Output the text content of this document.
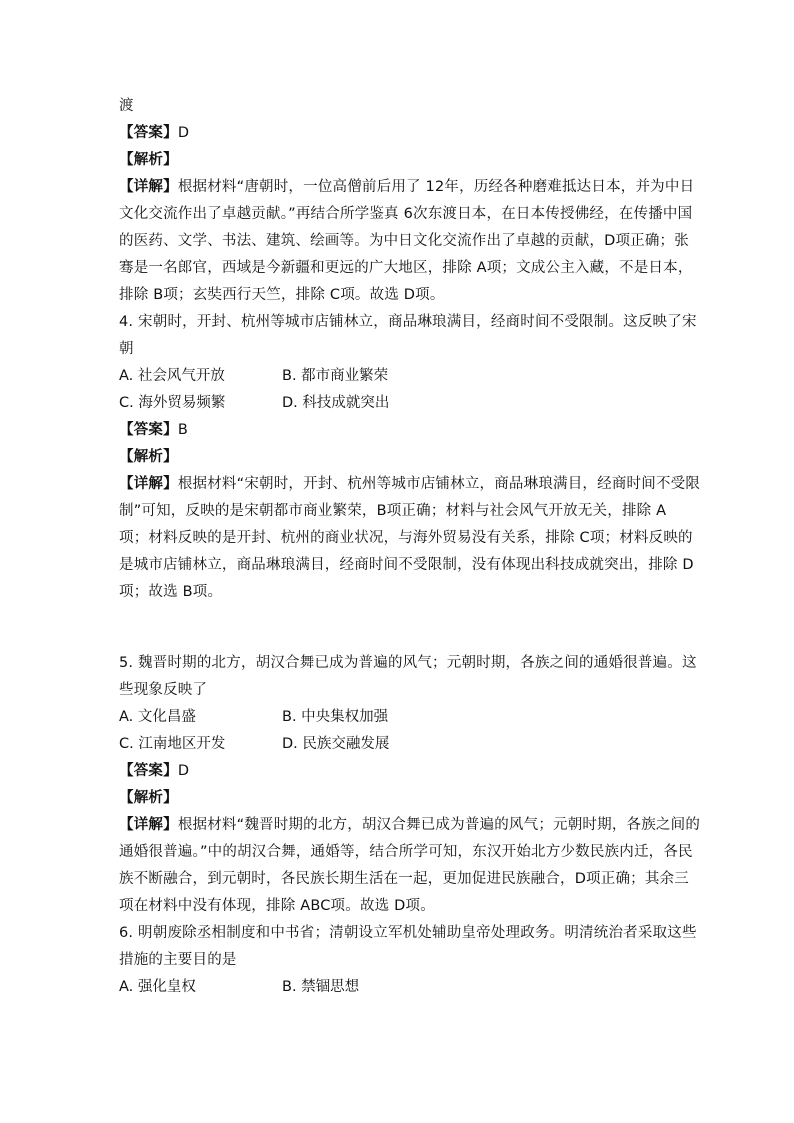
渡
【答案】D
【解析】
【详解】根据材料“唐朝时，一位高僧前后用了 12年，历经各种磨难抵达日本，并为中日
文化交流作出了卓越贡献。”再结合所学鉴真 6次东渡日本，在日本传授佛经，在传播中国
的医药、文学、书法、建筑、绘画等。为中日文化交流作出了卓越的贡献，D项正确；张
骞是一名郎官，西域是今新疆和更远的广大地区，排除 A项；文成公主入藏，不是日本，
排除 B项；玄奘西行天竺，排除 C项。故选 D项。
4. 宋朝时，开封、杭州等城市店铺林立，商品琳琅满目，经商时间不受限制。这反映了宋
朝
A. 社会风气开放	B. 都市商业繁荣
C. 海外贸易频繁	D. 科技成就突出
【答案】B
【解析】
【详解】根据材料“宋朝时，开封、杭州等城市店铺林立，商品琳琅满目，经商时间不受限
制”可知，反映的是宋朝都市商业繁荣，B项正确；材料与社会风气开放无关，排除 A
项；材料反映的是开封、杭州的商业状况，与海外贸易没有关系，排除 C项；材料反映的
是城市店铺林立，商品琳琅满目，经商时间不受限制，没有体现出科技成就突出，排除 D
项；故选 B项。
5. 魏晋时期的北方，胡汉合舞已成为普遍的风气；元朝时期，各族之间的通婚很普遍。这
些现象反映了
A. 文化昌盛	B. 中央集权加强
C. 江南地区开发	D. 民族交融发展
【答案】D
【解析】
【详解】根据材料“魏晋时期的北方，胡汉合舞已成为普遍的风气；元朝时期，各族之间的
通婚很普遍。”中的胡汉合舞，通婚等，结合所学可知，东汉开始北方少数民族内迁，各民
族不断融合，到元朝时，各民族长期生活在一起，更加促进民族融合，D项正确；其余三
项在材料中没有体现，排除 ABC项。故选 D项。
6. 明朝废除丞相制度和中书省；清朝设立军机处辅助皇帝处理政务。明清统治者采取这些
措施的主要目的是
A. 强化皇权	B. 禁锢思想
